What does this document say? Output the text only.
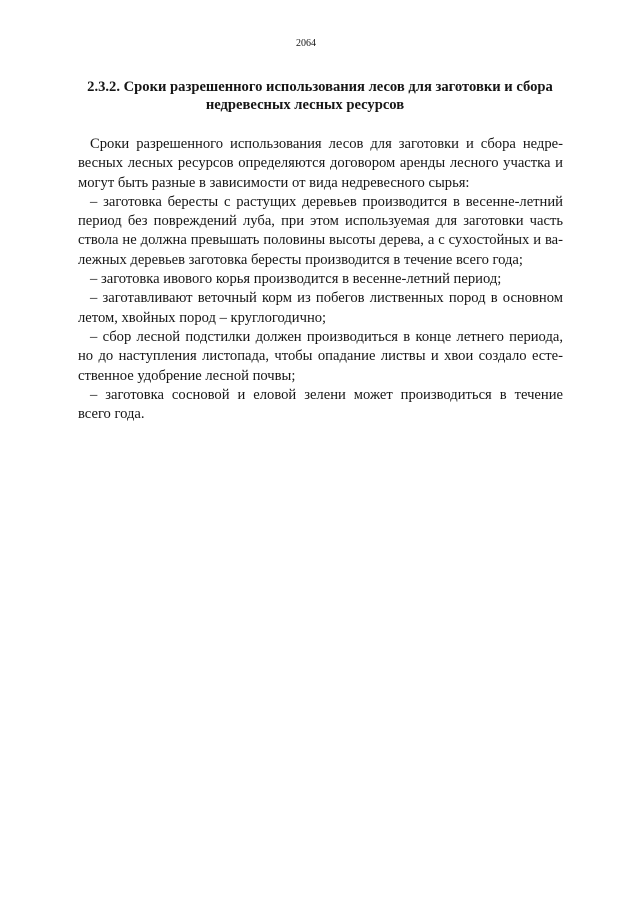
2064
2.3.2. Сроки разрешенного использования лесов для заготовки и сбора
недревесных лесных ресурсов
Сроки разрешенного использования лесов для заготовки и сбора недре-
весных лесных ресурсов определяются договором аренды лесного участка и
могут быть разные в зависимости от вида недревесного сырья:
– заготовка бересты с растущих деревьев производится в весенне-летний
период без повреждений луба, при этом используемая для заготовки часть
ствола не должна превышать половины высоты дерева, а с сухостойных и ва-
лежных деревьев заготовка бересты производится в течение всего года;
– заготовка ивового корья производится в весенне-летний период;
– заготавливают веточный корм из побегов лиственных пород в основном
летом, хвойных пород – круглогодично;
– сбор лесной подстилки должен производиться в конце летнего периода,
но до наступления листопада, чтобы опадание листвы и хвои создало есте-
ственное удобрение лесной почвы;
– заготовка сосновой и еловой зелени может производиться в течение
всего года.
